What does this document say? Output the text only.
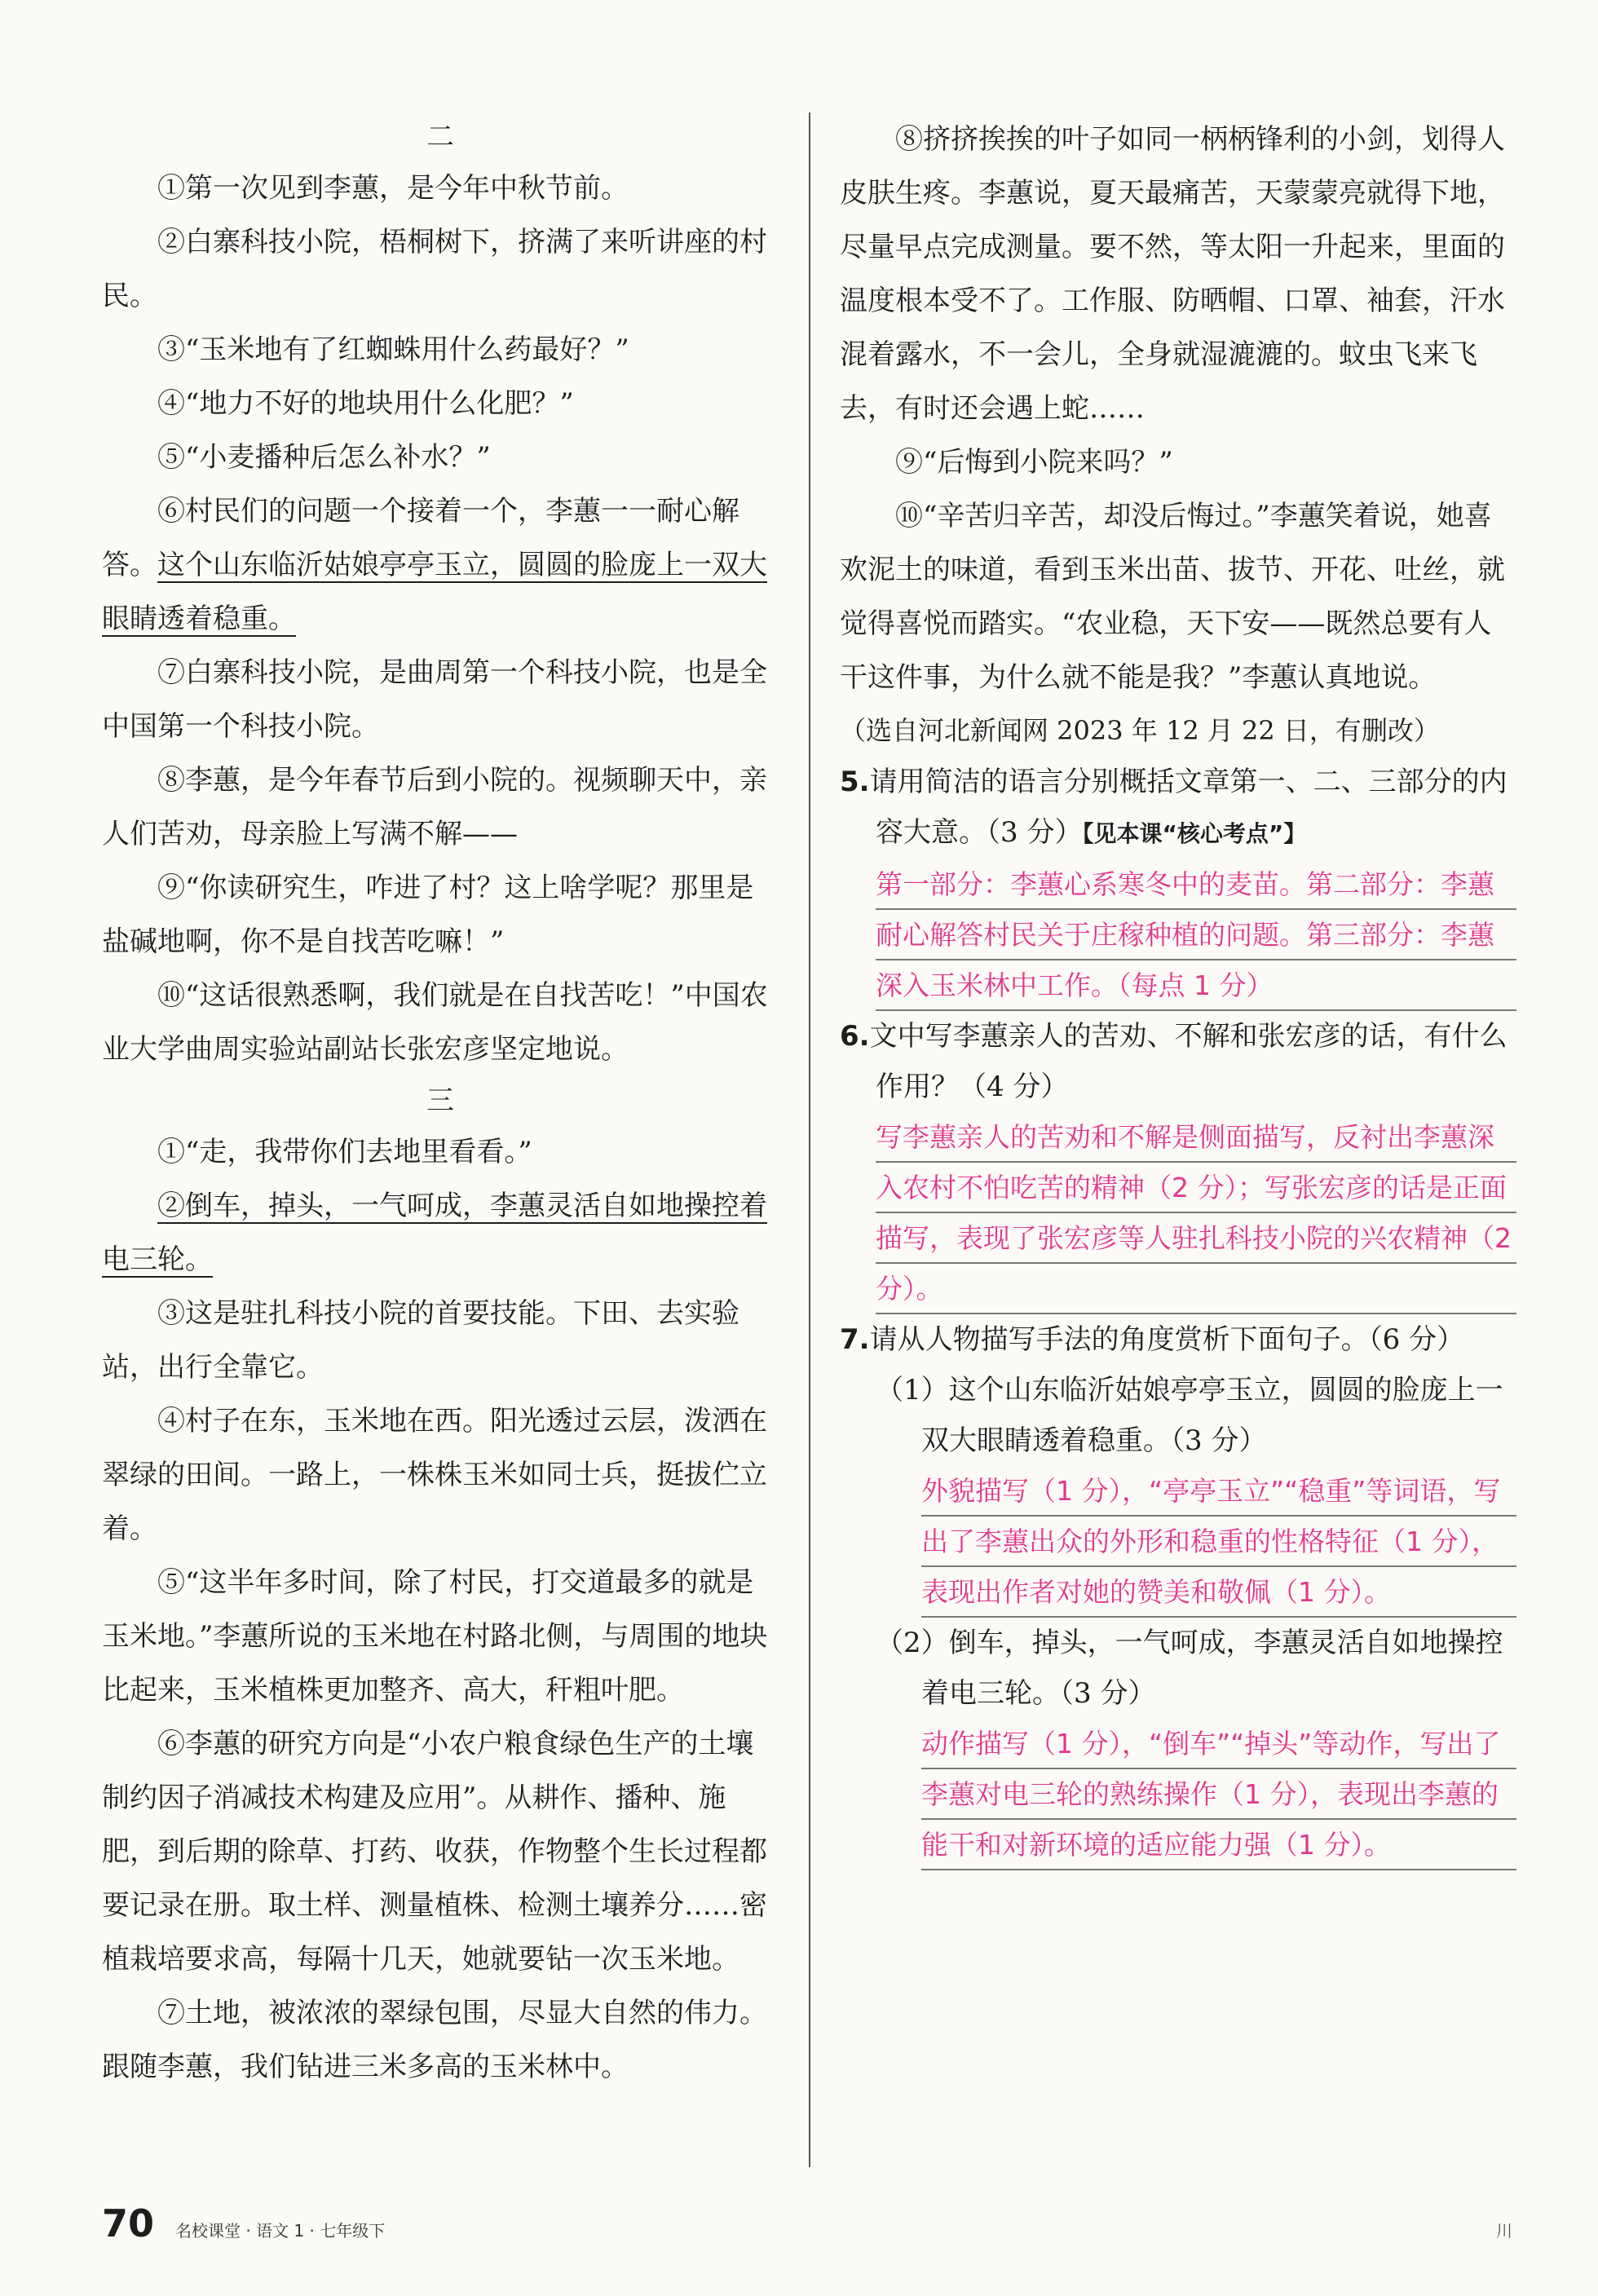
二

①第一次见到李蕙，是今年中秋节前。

②白寨科技小院，梧桐树下，挤满了来听讲座的村民。

③“玉米地有了红蜘蛛用什么药最好？”

④“地力不好的地块用什么化肥？”

⑤“小麦播种后怎么补水？”

⑥村民们的问题一个接着一个，李蕙一一耐心解答。这个山东临沂姑娘亭亭玉立，圆圆的脸庞上一双大眼睛透着稳重。

⑦白寨科技小院，是曲周第一个科技小院，也是全中国第一个科技小院。

⑧李蕙，是今年春节后到小院的。视频聊天中，亲人们苦劝，母亲脸上写满不解——

⑨“你读研究生，咋进了村？这上啥学呢？那里是盐碱地啊，你不是自找苦吃嘛！”

⑩“这话很熟悉啊，我们就是在自找苦吃！”中国农业大学曲周实验站副站长张宏彦坚定地说。

三

①“走，我带你们去地里看看。”

②倒车，掉头，一气呵成，李蕙灵活自如地操控着电三轮。

③这是驻扎科技小院的首要技能。下田、去实验站，出行全靠它。

④村子在东，玉米地在西。阳光透过云层，泼洒在翠绿的田间。一路上，一株株玉米如同士兵，挺拔伫立着。

⑤“这半年多时间，除了村民，打交道最多的就是玉米地。”李蕙所说的玉米地在村路北侧，与周围的地块比起来，玉米植株更加整齐、高大，秆粗叶肥。

⑥李蕙的研究方向是“小农户粮食绿色生产的土壤制约因子消减技术构建及应用”。从耕作、播种、施肥，到后期的除草、打药、收获，作物整个生长过程都要记录在册。取土样、测量植株、检测土壤养分……密植栽培要求高，每隔十几天，她就要钻一次玉米地。

⑦土地，被浓浓的翠绿包围，尽显大自然的伟力。跟随李蕙，我们钻进三米多高的玉米林中。

⑧挤挤挨挨的叶子如同一柄柄锋利的小剑，划得人皮肤生疼。李蕙说，夏天最痛苦，天蒙蒙亮就得下地，尽量早点完成测量。要不然，等太阳一升起来，里面的温度根本受不了。工作服、防晒帽、口罩、袖套，汗水混着露水，不一会儿，全身就湿漉漉的。蚊虫飞来飞去，有时还会遇上蛇……

⑨“后悔到小院来吗？”

⑩“辛苦归辛苦，却没后悔过。”李蕙笑着说，她喜欢泥土的味道，看到玉米出苗、拔节、开花、吐丝，就觉得喜悦而踏实。“农业稳，天下安——既然总要有人干这件事，为什么就不能是我？”李蕙认真地说。

（选自河北新闻网 2023 年 12 月 22 日，有删改）

5.请用简洁的语言分别概括文章第一、二、三部分的内容大意。（3 分）【见本课“核心考点”】

第一部分：李蕙心系寒冬中的麦苗。第二部分：李蕙耐心解答村民关于庄稼种植的问题。第三部分：李蕙深入玉米林中工作。（每点 1 分）

6.文中写李蕙亲人的苦劝、不解和张宏彦的话，有什么作用？（4 分）

写李蕙亲人的苦劝和不解是侧面描写，反衬出李蕙深入农村不怕吃苦的精神（2 分）；写张宏彦的话是正面描写，表现了张宏彦等人驻扎科技小院的兴农精神（2 分）。

7.请从人物描写手法的角度赏析下面句子。（6 分）

（1）这个山东临沂姑娘亭亭玉立，圆圆的脸庞上一双大眼睛透着稳重。（3 分）

外貌描写（1 分），“亭亭玉立”“稳重”等词语，写出了李蕙出众的外形和稳重的性格特征（1 分），表现出作者对她的赞美和敬佩（1 分）。

（2）倒车，掉头，一气呵成，李蕙灵活自如地操控着电三轮。（3 分）

动作描写（1 分），“倒车”“掉头”等动作，写出了李蕙对电三轮的熟练操作（1 分），表现出李蕙的能干和对新环境的适应能力强（1 分）。

70 名校课堂 · 语文 1 · 七年级下	川
